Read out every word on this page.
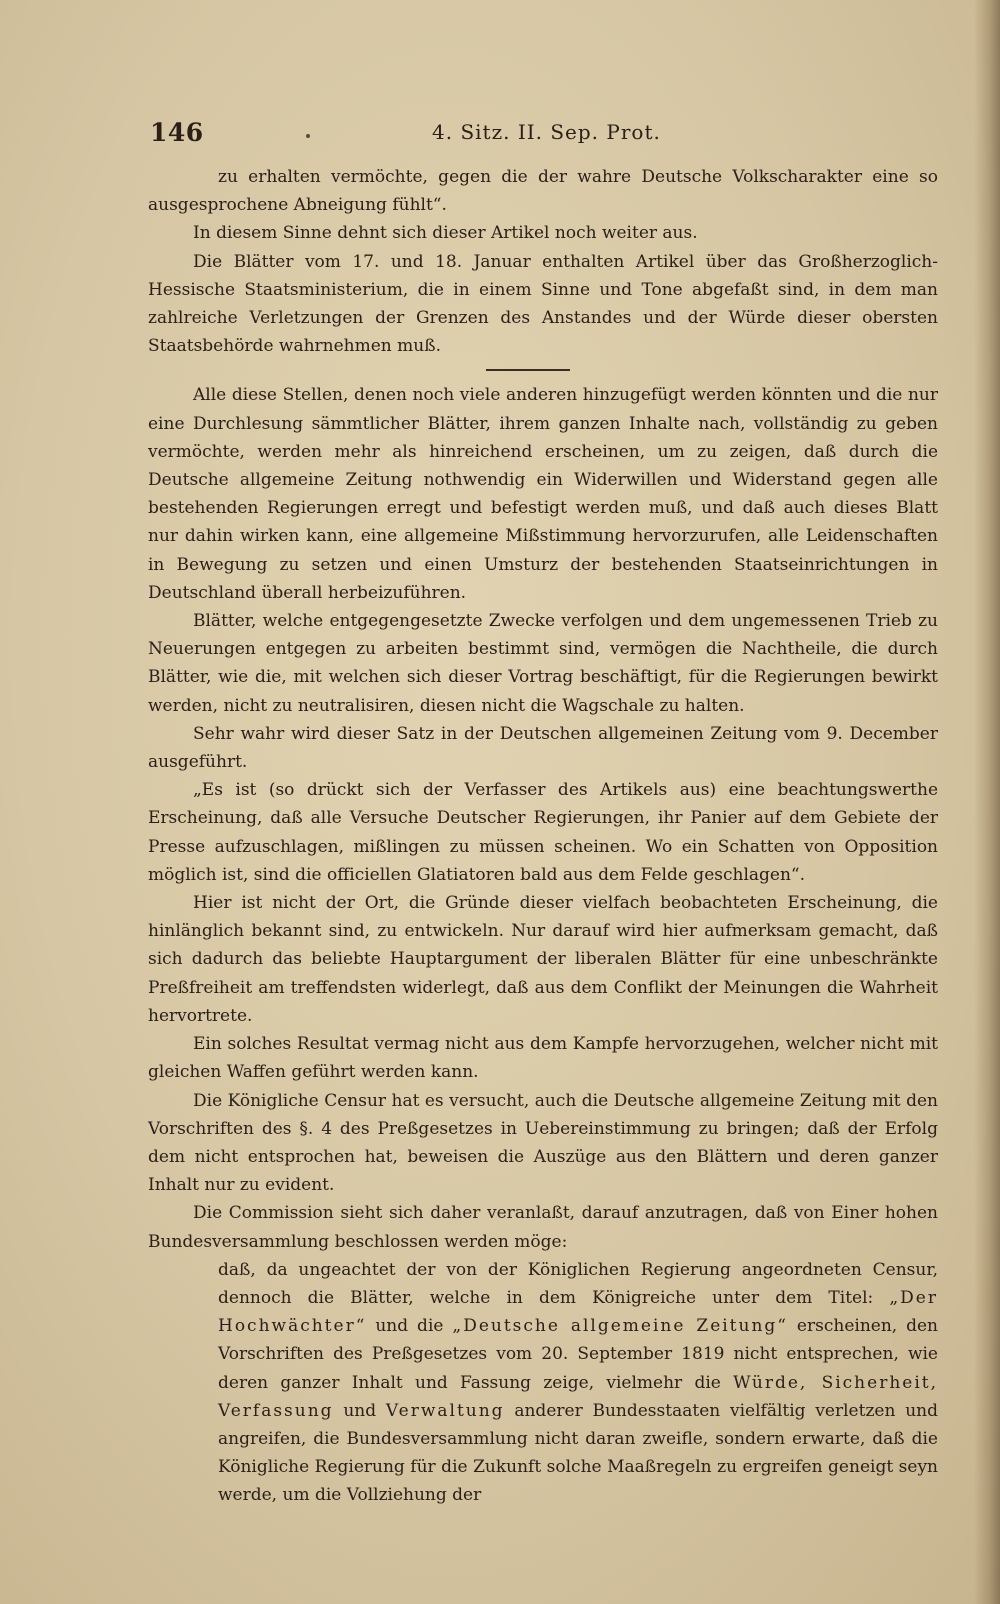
146	4. Sitz. II. Sep. Prot.

zu erhalten vermöchte, gegen die der wahre Deutsche Volkscharakter eine so ausgesprochene Abneigung fühlt“.

In diesem Sinne dehnt sich dieser Artikel noch weiter aus.

Die Blätter vom 17. und 18. Januar enthalten Artikel über das Großherzoglich-Hessische Staatsministerium, die in einem Sinne und Tone abgefaßt sind, in dem man zahlreiche Verletzungen der Grenzen des Anstandes und der Würde dieser obersten Staatsbehörde wahrnehmen muß.

Alle diese Stellen, denen noch viele anderen hinzugefügt werden könnten und die nur eine Durchlesung sämmtlicher Blätter, ihrem ganzen Inhalte nach, vollständig zu geben vermöchte, werden mehr als hinreichend erscheinen, um zu zeigen, daß durch die Deutsche allgemeine Zeitung nothwendig ein Widerwillen und Widerstand gegen alle bestehenden Regierungen erregt und befestigt werden muß, und daß auch dieses Blatt nur dahin wirken kann, eine allgemeine Mißstimmung hervorzurufen, alle Leidenschaften in Bewegung zu setzen und einen Umsturz der bestehenden Staatseinrichtungen in Deutschland überall herbeizuführen.

Blätter, welche entgegengesetzte Zwecke verfolgen und dem ungemessenen Trieb zu Neuerungen entgegen zu arbeiten bestimmt sind, vermögen die Nachtheile, die durch Blätter, wie die, mit welchen sich dieser Vortrag beschäftigt, für die Regierungen bewirkt werden, nicht zu neutralisiren, diesen nicht die Wagschale zu halten.

Sehr wahr wird dieser Satz in der Deutschen allgemeinen Zeitung vom 9. December ausgeführt.

„Es ist (so drückt sich der Verfasser des Artikels aus) eine beachtungswerthe Erscheinung, daß alle Versuche Deutscher Regierungen, ihr Panier auf dem Gebiete der Presse aufzuschlagen, mißlingen zu müssen scheinen. Wo ein Schatten von Opposition möglich ist, sind die officiellen Glatiatoren bald aus dem Felde geschlagen“.

Hier ist nicht der Ort, die Gründe dieser vielfach beobachteten Erscheinung, die hinlänglich bekannt sind, zu entwickeln. Nur darauf wird hier aufmerksam gemacht, daß sich dadurch das beliebte Hauptargument der liberalen Blätter für eine unbeschränkte Preßfreiheit am treffendsten widerlegt, daß aus dem Conflikt der Meinungen die Wahrheit hervortrete.

Ein solches Resultat vermag nicht aus dem Kampfe hervorzugehen, welcher nicht mit gleichen Waffen geführt werden kann.

Die Königliche Censur hat es versucht, auch die Deutsche allgemeine Zeitung mit den Vorschriften des §. 4 des Preßgesetzes in Uebereinstimmung zu bringen; daß der Erfolg dem nicht entsprochen hat, beweisen die Auszüge aus den Blättern und deren ganzer Inhalt nur zu evident.

Die Commission sieht sich daher veranlaßt, darauf anzutragen, daß von Einer hohen Bundesversammlung beschlossen werden möge:

daß, da ungeachtet der von der Königlichen Regierung angeordneten Censur, dennoch die Blätter, welche in dem Königreiche unter dem Titel: „Der Hochwächter“ und die „Deutsche allgemeine Zeitung“ erscheinen, den Vorschriften des Preßgesetzes vom 20. September 1819 nicht entsprechen, wie deren ganzer Inhalt und Fassung zeige, vielmehr die Würde, Sicherheit, Verfassung und Verwaltung anderer Bundesstaaten vielfältig verletzen und angreifen, die Bundesversammlung nicht daran zweifle, sondern erwarte, daß die Königliche Regierung für die Zukunft solche Maaßregeln zu ergreifen geneigt seyn werde, um die Vollziehung der
